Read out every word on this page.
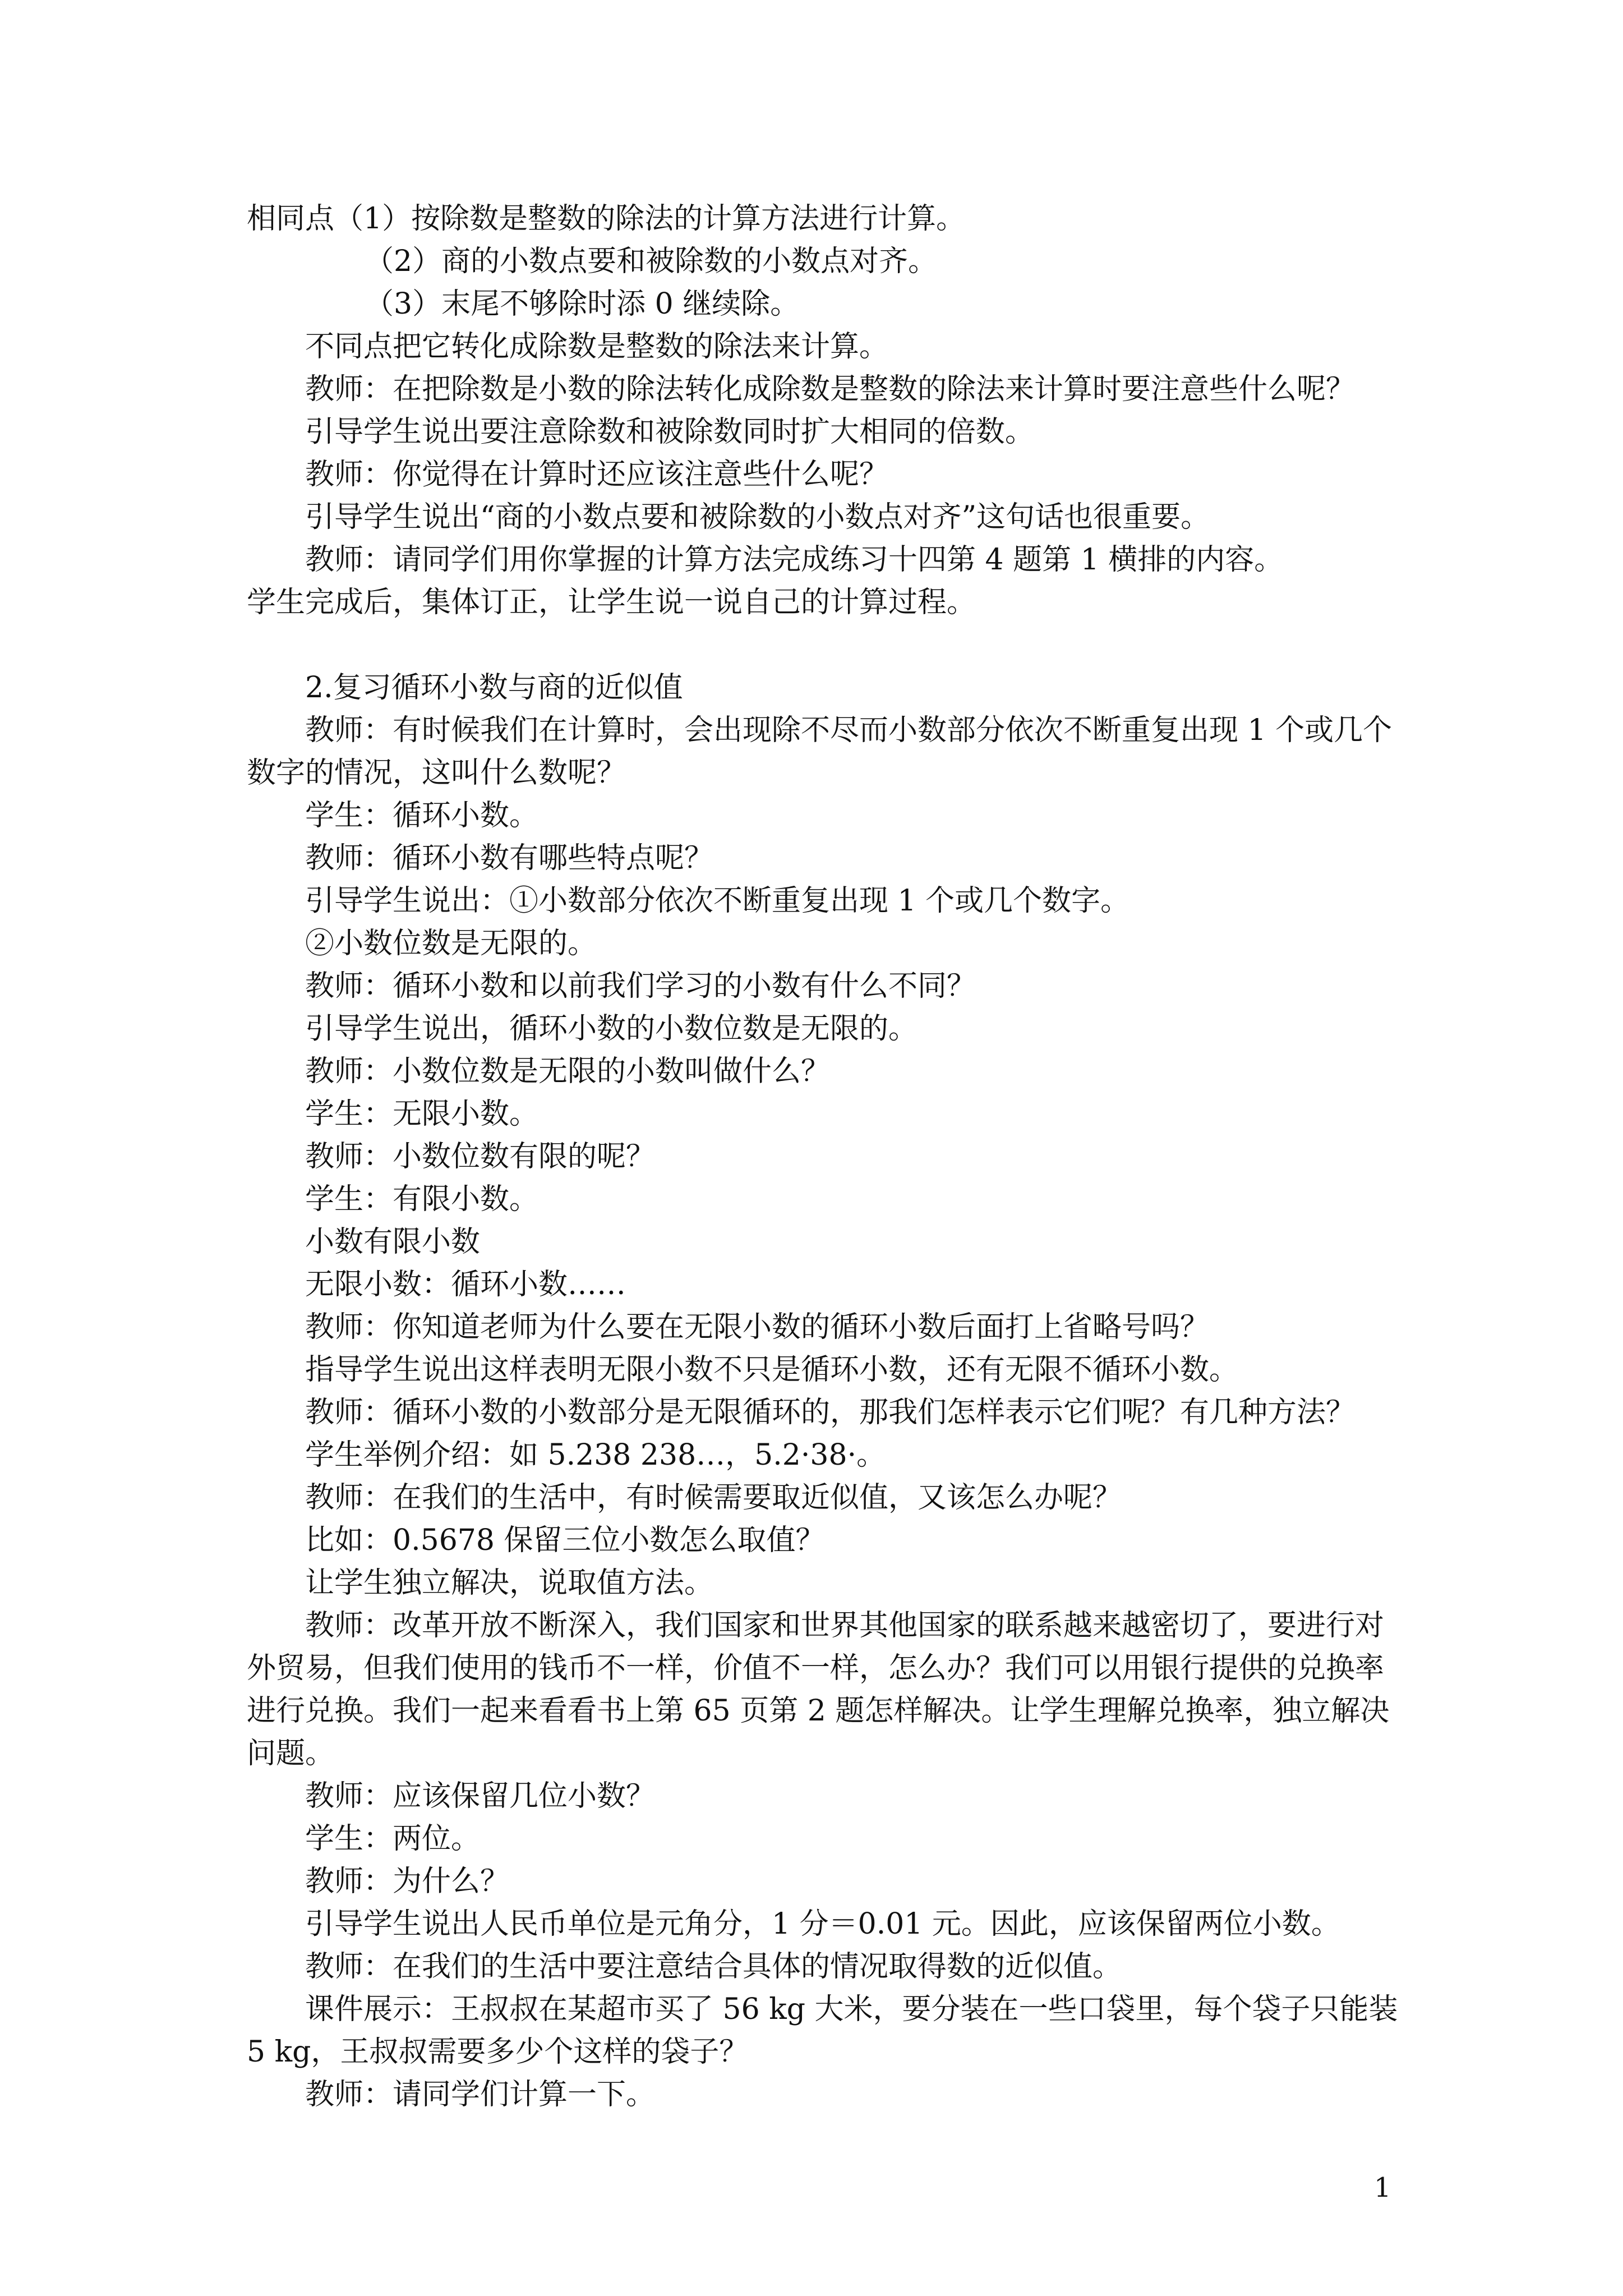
相同点（1）按除数是整数的除法的计算方法进行计算。
（2）商的小数点要和被除数的小数点对齐。
（3）末尾不够除时添 0 继续除。
不同点把它转化成除数是整数的除法来计算。
教师：在把除数是小数的除法转化成除数是整数的除法来计算时要注意些什么呢？
引导学生说出要注意除数和被除数同时扩大相同的倍数。
教师：你觉得在计算时还应该注意些什么呢？
引导学生说出“商的小数点要和被除数的小数点对齐”这句话也很重要。
教师：请同学们用你掌握的计算方法完成练习十四第 4 题第 1 横排的内容。
学生完成后，集体订正，让学生说一说自己的计算过程。
2.复习循环小数与商的近似值
教师：有时候我们在计算时，会出现除不尽而小数部分依次不断重复出现 1 个或几个数字的情况，这叫什么数呢？
学生：循环小数。
教师：循环小数有哪些特点呢？
引导学生说出：①小数部分依次不断重复出现 1 个或几个数字。
②小数位数是无限的。
教师：循环小数和以前我们学习的小数有什么不同？
引导学生说出，循环小数的小数位数是无限的。
教师：小数位数是无限的小数叫做什么？
学生：无限小数。
教师：小数位数有限的呢？
学生：有限小数。
小数有限小数
无限小数：循环小数……
教师：你知道老师为什么要在无限小数的循环小数后面打上省略号吗？
指导学生说出这样表明无限小数不只是循环小数，还有无限不循环小数。
教师：循环小数的小数部分是无限循环的，那我们怎样表示它们呢？有几种方法？
学生举例介绍：如 5.238 238…，5.2·38·。
教师：在我们的生活中，有时候需要取近似值，又该怎么办呢？
比如：0.5678 保留三位小数怎么取值？
让学生独立解决，说取值方法。
教师：改革开放不断深入，我们国家和世界其他国家的联系越来越密切了，要进行对外贸易，但我们使用的钱币不一样，价值不一样，怎么办？我们可以用银行提供的兑换率进行兑换。我们一起来看看书上第 65 页第 2 题怎样解决。让学生理解兑换率，独立解决问题。
教师：应该保留几位小数？
学生：两位。
教师：为什么？
引导学生说出人民币单位是元角分，1 分＝0.01 元。因此，应该保留两位小数。
教师：在我们的生活中要注意结合具体的情况取得数的近似值。
课件展示：王叔叔在某超市买了 56 kg 大米，要分装在一些口袋里，每个袋子只能装 5 kg，王叔叔需要多少个这样的袋子？
教师：请同学们计算一下。
1
